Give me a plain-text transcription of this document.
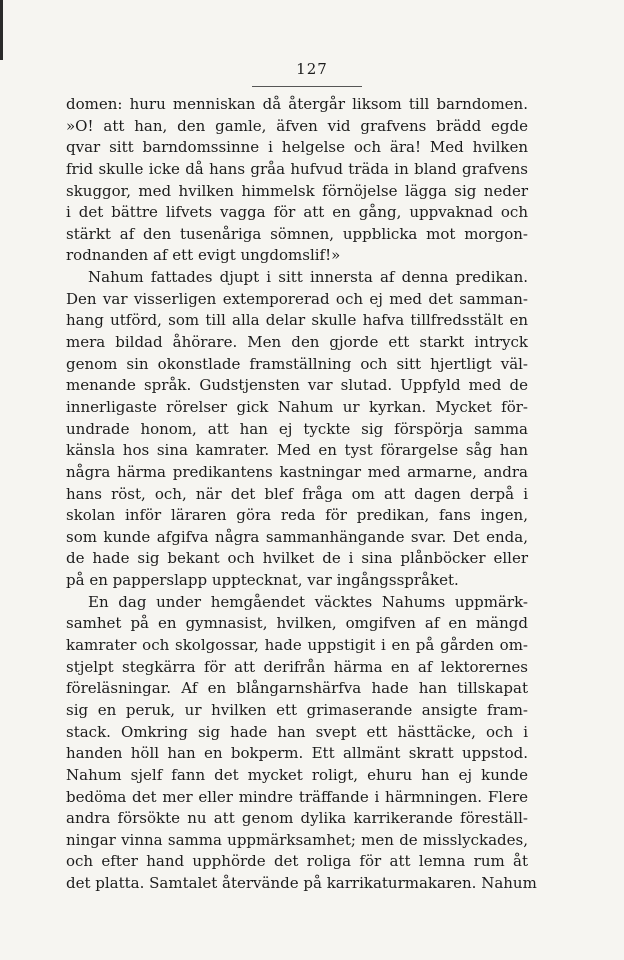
127
domen: huru menniskan då återgår liksom till barndomen.
»O! att han, den gamle, äfven vid grafvens brädd egde
qvar sitt barndomssinne i helgelse och ära! Med hvilken
frid skulle icke då hans gråa hufvud träda in bland grafvens
skuggor, med hvilken himmelsk förnöjelse lägga sig neder
i det bättre lifvets vagga för att en gång, uppvaknad och
stärkt af den tusenåriga sömnen, uppblicka mot morgon-
rodnanden af ett evigt ungdomslif!»
Nahum fattades djupt i sitt innersta af denna predikan.
Den var visserligen extemporerad och ej med det samman-
hang utförd, som till alla delar skulle hafva tillfredsstält en
mera bildad åhörare. Men den gjorde ett starkt intryck
genom sin okonstlade framställning och sitt hjertligt väl-
menande språk. Gudstjensten var slutad. Uppfyld med de
innerligaste rörelser gick Nahum ur kyrkan. Mycket för-
undrade honom, att han ej tyckte sig förspörja samma
känsla hos sina kamrater. Med en tyst förargelse såg han
några härma predikantens kastningar med armarne, andra
hans röst, och, när det blef fråga om att dagen derpå i
skolan inför läraren göra reda för predikan, fans ingen,
som kunde afgifva några sammanhängande svar. Det enda,
de hade sig bekant och hvilket de i sina plånböcker eller
på en papperslapp upptecknat, var ingångsspråket.
En dag under hemgåendet väcktes Nahums uppmärk-
samhet på en gymnasist, hvilken, omgifven af en mängd
kamrater och skolgossar, hade uppstigit i en på gården om-
stjelpt stegkärra för att derifrån härma en af lektorernes
föreläsningar. Af en blångarnshärfva hade han tillskapat
sig en peruk, ur hvilken ett grimaserande ansigte fram-
stack. Omkring sig hade han svept ett hästtäcke, och i
handen höll han en bokperm. Ett allmänt skratt uppstod.
Nahum sjelf fann det mycket roligt, ehuru han ej kunde
bedöma det mer eller mindre träffande i härmningen. Flere
andra försökte nu att genom dylika karrikerande föreställ-
ningar vinna samma uppmärksamhet; men de misslyckades,
och efter hand upphörde det roliga för att lemna rum åt
det platta. Samtalet återvände på karrikaturmakaren. Nahum
